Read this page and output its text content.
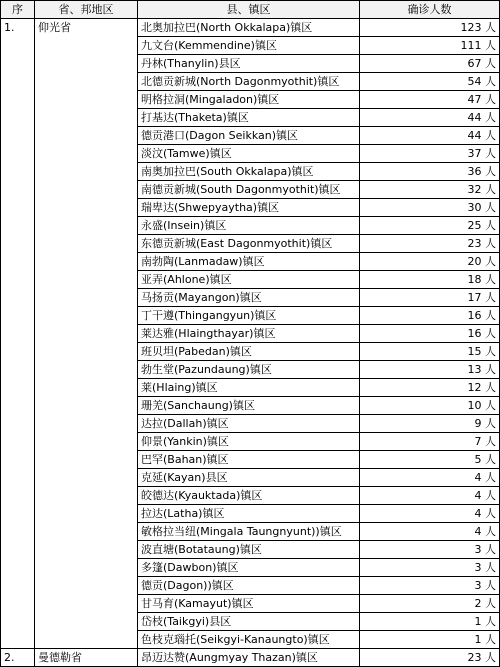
序	省、邦地区	县、镇区	确诊人数
1.	仰光省	北奥加拉巴(North Okkalapa)镇区	123 人
		九文台(Kemmendine)镇区	111 人
		丹林(Thanylin)县区	67 人
		北德贡新城(North Dagonmyothit)镇区	54 人
		明格拉洞(Mingaladon)镇区	47 人
		打基达(Thaketa)镇区	44 人
		德贡港口(Dagon Seikkan)镇区	44 人
		淡汶(Tamwe)镇区	37 人
		南奥加拉巴(South Okkalapa)镇区	36 人
		南德贡新城(South Dagonmyothit)镇区	32 人
		瑞卑达(Shwepyaytha)镇区	30 人
		永盛(Insein)镇区	25 人
		东德贡新城(East Dagonmyothit)镇区	23 人
		南勃陶(Lanmadaw)镇区	20 人
		亚弄(Ahlone)镇区	18 人
		马扬贡(Mayangon)镇区	17 人
		丁干遵(Thingangyun)镇区	16 人
		莱达雅(Hlaingthayar)镇区	16 人
		班贝坦(Pabedan)镇区	15 人
		勃生堂(Pazundaung)镇区	13 人
		莱(Hlaing)镇区	12 人
		珊羌(Sanchaung)镇区	10 人
		达拉(Dallah)镇区	9 人
		仰景(Yankin)镇区	7 人
		巴罕(Bahan)镇区	5 人
		克延(Kayan)县区	4 人
		皎德达(Kyauktada)镇区	4 人
		拉达(Latha)镇区	4 人
		敏格拉当纽(Mingala Taungnyunt))镇区	4 人
		波直塘(Botataung)镇区	3 人
		多篷(Dawbon)镇区	3 人
		德贡(Dagon))镇区	3 人
		甘马育(Kamayut)镇区	2 人
		岱枝(Taikgyi)县区	1 人
		色枝克瑙托(Seikgyi-Kanaungto)镇区	1 人
2.	曼德勒省	昂迈达赞(Aungmyay Thazan)镇区	23 人
